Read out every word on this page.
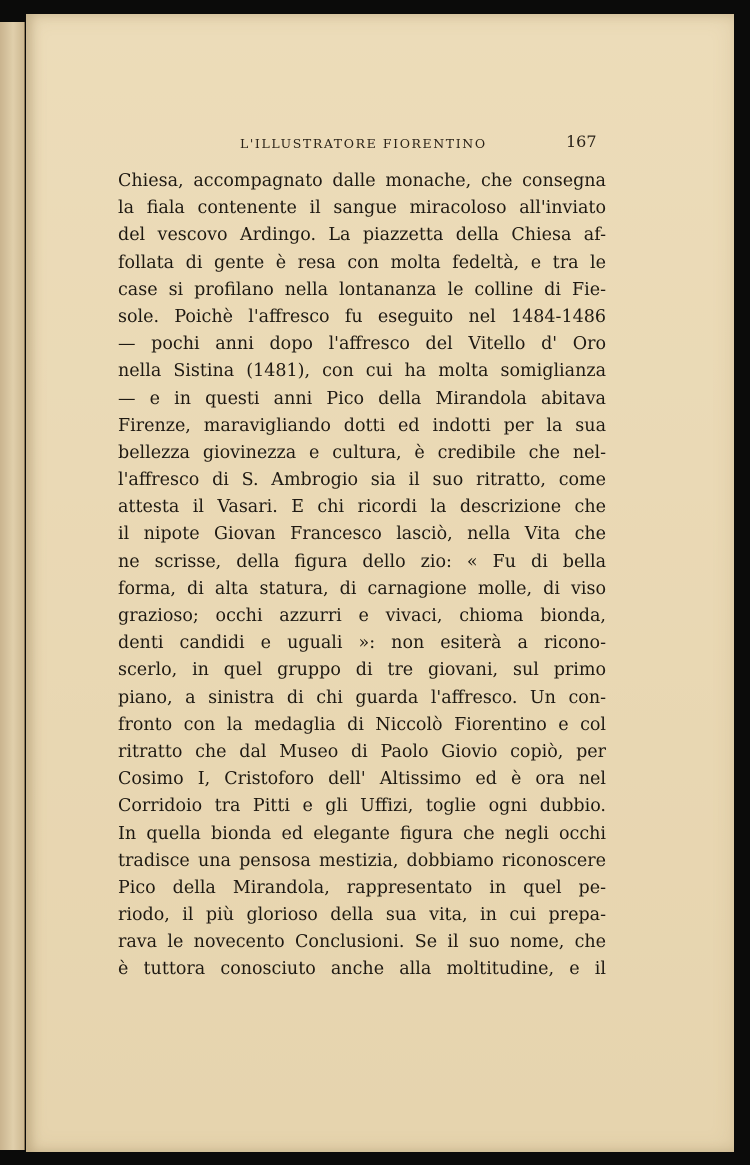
L'ILLUSTRATORE FIORENTINO	167
Chiesa, accompagnato dalle monache, che consegna
la fiala contenente il sangue miracoloso all'inviato
del vescovo Ardingo. La piazzetta della Chiesa af-
follata di gente è resa con molta fedeltà, e tra le
case si profilano nella lontananza le colline di Fie-
sole. Poichè l'affresco fu eseguito nel 1484-1486
— pochi anni dopo l'affresco del Vitello d' Oro
nella Sistina (1481), con cui ha molta somiglianza
— e in questi anni Pico della Mirandola abitava
Firenze, maravigliando dotti ed indotti per la sua
bellezza giovinezza e cultura, è credibile che nel-
l'affresco di S. Ambrogio sia il suo ritratto, come
attesta il Vasari. E chi ricordi la descrizione che
il nipote Giovan Francesco lasciò, nella Vita che
ne scrisse, della figura dello zio: « Fu di bella
forma, di alta statura, di carnagione molle, di viso
grazioso; occhi azzurri e vivaci, chioma bionda,
denti candidi e uguali »: non esiterà a ricono-
scerlo, in quel gruppo di tre giovani, sul primo
piano, a sinistra di chi guarda l'affresco. Un con-
fronto con la medaglia di Niccolò Fiorentino e col
ritratto che dal Museo di Paolo Giovio copiò, per
Cosimo I, Cristoforo dell' Altissimo ed è ora nel
Corridoio tra Pitti e gli Uffizi, toglie ogni dubbio.
In quella bionda ed elegante figura che negli occhi
tradisce una pensosa mestizia, dobbiamo riconoscere
Pico della Mirandola, rappresentato in quel pe-
riodo, il più glorioso della sua vita, in cui prepa-
rava le novecento Conclusioni. Se il suo nome, che
è tuttora conosciuto anche alla moltitudine, e il
